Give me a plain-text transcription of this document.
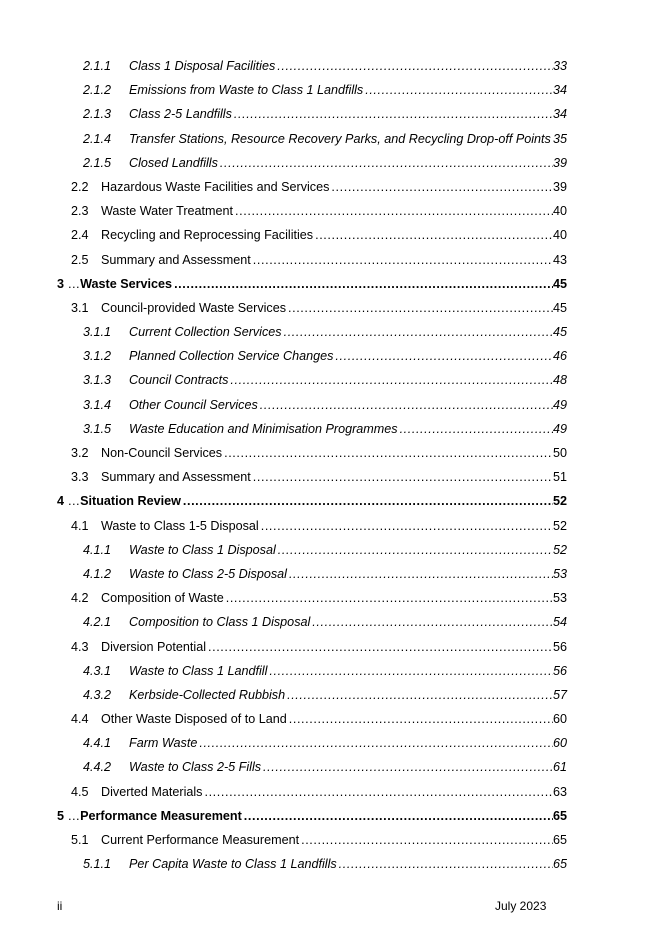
2.1.1 Class 1 Disposal Facilities .....	33
2.1.2 Emissions from Waste to Class 1 Landfills .....	34
2.1.3 Class 2-5 Landfills .....	34
2.1.4 Transfer Stations, Resource Recovery Parks, and Recycling Drop-off Points ..... 35
2.1.5 Closed Landfills .....	39
2.2 Hazardous Waste Facilities and Services .....	39
2.3 Waste Water Treatment .....	40
2.4 Recycling and Reprocessing Facilities .....	40
2.5 Summary and Assessment .....	43
3 …Waste Services .....	45
3.1 Council-provided Waste Services .....	45
3.1.1 Current Collection Services .....	45
3.1.2 Planned Collection Service Changes .....	46
3.1.3 Council Contracts .....	48
3.1.4 Other Council Services .....	49
3.1.5 Waste Education and Minimisation Programmes .....	49
3.2 Non-Council Services .....	50
3.3 Summary and Assessment .....	51
4 …Situation Review .....	52
4.1 Waste to Class 1-5 Disposal .....	52
4.1.1 Waste to Class 1 Disposal .....	52
4.1.2 Waste to Class 2-5 Disposal .....	53
4.2 Composition of Waste .....	53
4.2.1 Composition to Class 1 Disposal .....	54
4.3 Diversion Potential .....	56
4.3.1 Waste to Class 1 Landfill .....	56
4.3.2 Kerbside-Collected Rubbish .....	57
4.4 Other Waste Disposed of to Land .....	60
4.4.1 Farm Waste .....	60
4.4.2 Waste to Class 2-5 Fills .....	61
4.5 Diverted Materials .....	63
5 …Performance Measurement .....	65
5.1 Current Performance Measurement .....	65
5.1.1 Per Capita Waste to Class 1 Landfills .....	65
ii	July 2023
